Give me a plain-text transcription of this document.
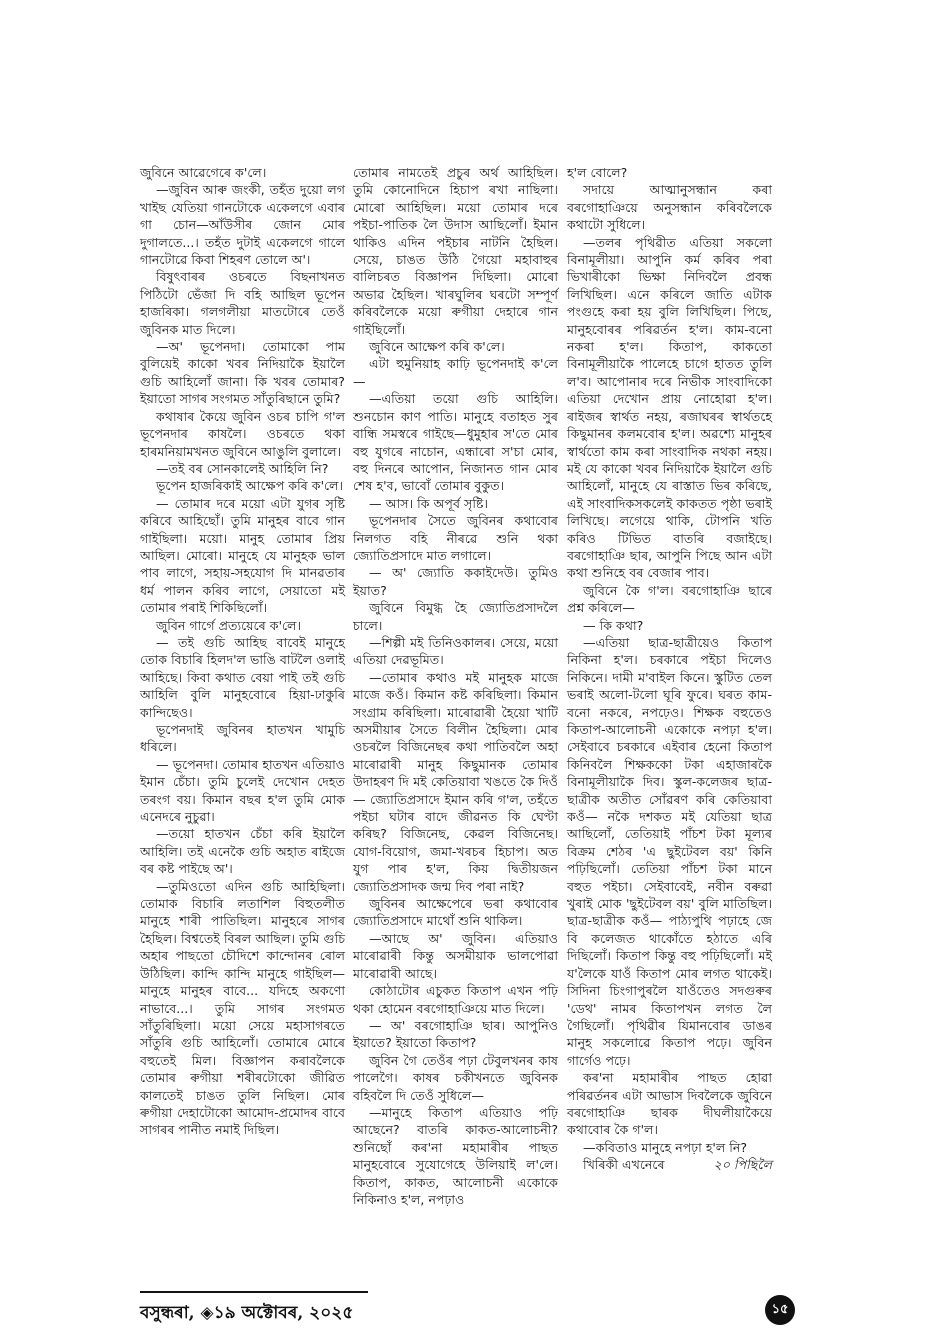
জুবিনে আৱেগেৰে ক'লে।

—জুবিন আৰু জংকী, তহঁত দুয়ো লগ খাইছ যেতিয়া গানটোকে একেলগে এবাৰ গা চোন—আঁউসীৰ জোন মোৰ দুগালতে...। তহঁত দুটাই একেলগে গালে গানটোৱে কিবা শিহৰণ তোলে অ'।

বিষুৎবাৰৰ ওচৰতে বিছনাখনত পিঠিটো ভেঁজা দি বহি আছিল ভূপেন হাজৰিকা। গলগলীয়া মাতটোৰে তেওঁ জুবিনক মাত দিলে।

—অ' ভূপেনদা। তোমাকো পাম বুলিয়েই কাকো খবৰ নিদিয়াকৈ ইয়ালৈ গুচি আহিলোঁ জানা। কি খবৰ তোমাৰ? ইয়াতো সাগৰ সংগমত সাঁতুৰিছানে তুমি?

কথাষাৰ কৈয়ে জুবিন ওচৰ চাপি গ'ল ভূপেনদাৰ কাষলৈ। ওচৰতে থকা হাৰমনিয়ামখনত জুবিনে আঙুলি বুলালে।

—তই বৰ সোনকালেই আহিলি নি?

ভূপেন হাজৰিকাই আক্ষেপ কৰি ক'লে।

— তোমাৰ দৰে ময়ো এটা যুগৰ সৃষ্টি কৰিবে আহিছোঁ। তুমি মানুহৰ বাবে গান গাইছিলা। ময়ো। মানুহ তোমাৰ প্ৰিয় আছিল। মোৰো। মানুহে যে মানুহক ভাল পাব লাগে, সহায়-সহযোগ দি মানৱতাৰ ধৰ্ম পালন কৰিব লাগে, সেয়াতো মই তোমাৰ পৰাই শিকিছিলোঁ।

জুবিন গাৰ্গে প্ৰত্যয়েৰে ক'লে।

— তই গুচি আহিছ বাবেই মানুহে তোক বিচাৰি হিলদ'ল ভাঙি বাটলৈ ওলাই আহিছে। কিবা কথাত বেয়া পাই তই গুচি আহিলি বুলি মানুহবোৰে হিয়া-ঢাকুৰি কান্দিছেও।

ভূপেনদাই জুবিনৰ হাতখন খামুচি ধৰিলে।

— ভূপেনদা। তোমাৰ হাতখন এতিয়াও ইমান চেঁচা। তুমি চুলেই দেখোন দেহত তৰংগ বয়। কিমান বছৰ হ'ল তুমি মোক এনেদৰে নুচুৱা।

—তয়ো হাতখন চেঁচা কৰি ইয়ালৈ আহিলি। তই এনেকৈ গুচি অহাত ৰাইজে বৰ কষ্ট পাইছে অ'।

—তুমিওতো এদিন গুচি আহিছিলা। তোমাক বিচাৰি লতাশিল বিহুতলীত মানুহে শাৰী পাতিছিল। মানুহৰে সাগৰ হৈছিল। বিশ্বতেই বিৰল আছিল। তুমি গুচি অহাৰ পাছতো চৌদিশে কান্দোনৰ ৰোল উঠিছিল। কান্দি কান্দি মানুহে গাইছিল— মানুহে মানুহৰ বাবে... যদিহে অকণো নাভাবে...। তুমি সাগৰ সংগমত সাঁতুৰিছিলা। ময়ো সেয়ে মহাসাগৰতে সাঁতুৰি গুচি আহিলোঁ। তোমাৰে মোৰে বহুতেই মিল। বিজ্ঞাপন কৰাবলৈকে তোমাৰ ৰুগীয়া শৰীৰটোকো জীৱিত কালতেই চাঙত তুলি নিছিল। মোৰ ৰুগীয়া দেহাটোকো আমোদ-প্ৰমোদৰ বাবে সাগৰৰ পানীত নমাই দিছিল।

তোমাৰ নামতেই প্ৰচুৰ অৰ্থ আহিছিল। তুমি কোনোদিনে হিচাপ ৰখা নাছিলা। মোৰো আহিছিল। ময়ো তোমাৰ দৰে পইচা-পাতিক লৈ উদাস আছিলোঁ। ইমান থাকিও এদিন পইচাৰ নাটনি হৈছিল। সেয়ে, চাঙত উঠি গৈয়ো মহাবাহুৰ বালিচৰত বিজ্ঞাপন দিছিলা। মোৰো অভাৱ হৈছিল। খাৰঘুলিৰ ঘৰটো সম্পূৰ্ণ কৰিবলৈকে ময়ো ৰুগীয়া দেহাৰে গান গাইছিলোঁ।

জুবিনে আক্ষেপ কৰি ক'লে।

এটা হুমুনিয়াহ কাঢ়ি ভূপেনদাই ক'লে—

—এতিয়া তয়ো গুচি আহিলি। শুনচোন কাণ পাতি। মানুহে বতাহত সুৰ বান্ধি সমস্বৰে গাইছে—ধুমুহাৰ স'তে মোৰ বহু যুগৰে নাচোন, এন্ধাৰো স'চা মোৰ, বহু দিনৰে আপোন, নিজানত গান মোৰ শেষ হ'ব, ভাবোঁ তোমাৰ বুকুত।

— আস। কি অপূৰ্ব সৃষ্টি।

ভূপেনদাৰ সৈতে জুবিনৰ কথাবোৰ নিলগত বহি নীৰৱে শুনি থকা জ্যোতিপ্ৰসাদে মাত লগালে।

— অ' জ্যোতি ককাইদেউ। তুমিও ইয়াত?

জুবিনে বিমুগ্ধ হৈ জ্যোতিপ্ৰসাদলৈ চালে।

—শিল্পী মই তিনিওকালৰ। সেয়ে, ময়ো এতিয়া দেৱভূমিত।

—তোমাৰ কথাও মই মানুহক মাজে মাজে কওঁ। কিমান কষ্ট কৰিছিলা। কিমান সংগ্ৰাম কৰিছিলা। মাৰোৱাৰী হৈয়ো খাটি অসমীয়াৰ সৈতে বিলীন হৈছিলা। মোৰ ওচৰলৈ বিজিনেছৰ কথা পাতিবলৈ অহা মাৰোৱাৰী মানুহ কিছুমানক তোমাৰ উদাহৰণ দি মই কেতিয়াবা খঙতে কৈ দিওঁ— জ্যোতিপ্ৰসাদে ইমান কৰি গ'ল, তহঁতে পইচা ঘটাৰ বাদে জীৱনত কি ঘেণ্টা কৰিছ? বিজিনেছ, কেৱল বিজিনেছ। যোগ-বিয়োগ, জমা-খৰচৰ হিচাপ। অত যুগ পাৰ হ'ল, কিয় দ্বিতীয়জন জ্যোতিপ্ৰসাদক জন্ম দিব পৰা নাই?

জুবিনৰ আক্ষেপেৰে ভৰা কথাবোৰ জ্যোতিপ্ৰসাদে মাথোঁ শুনি থাকিল।

—আছে অ' জুবিন। এতিয়াও মাৰোৱাৰী কিন্তু অসমীয়াক ভালপোৱা মাৰোৱাৰী আছে।

কোঠাটোৰ এচুকত কিতাপ এখন পঢ়ি থকা হোমেন বৰগোহাঞিয়ে মাত দিলে।

— অ' বৰগোহাঞি ছাৰ। আপুনিও ইয়াতে? ইয়াতো কিতাপ?

জুবিন গৈ তেওঁৰ পঢ়া টেবুলখনৰ কাষ পালেগৈ। কাষৰ চকীখনতে জুবিনক বহিবলৈ দি তেওঁ সুধিলে—

—মানুহে কিতাপ এতিয়াও পঢ়ি আছেনে? বাতৰি কাকত-আলোচনী? শুনিছোঁ কৰ'না মহামাৰীৰ পাছত মানুহবোৰে সুযোগেহে উলিয়াই ল'লে। কিতাপ, কাকত, আলোচনী একোকে নিকিনাও হ'ল, নপঢ়াও

হ'ল বোলে?

সদায়ে আত্মানুসন্ধান কৰা বৰগোহাঞিয়ে অনুসন্ধান কৰিবলৈকে কথাটো সুধিলে।

—তলৰ পৃথিৱীত এতিয়া সকলো বিনামূলীয়া। আপুনি কৰ্ম কৰিব পৰা ভিখাৰীকো ভিক্ষা নিদিবলৈ প্ৰবন্ধ লিখিছিল। এনে কৰিলে জাতি এটাক পংগুহে কৰা হয় বুলি লিখিছিল। পিছে, মানুহবোৰৰ পৰিৱৰ্তন হ'ল। কাম-বনো নকৰা হ'ল। কিতাপ, কাকতো বিনামূলীয়াকৈ পালেহে চাগে হাতত তুলি ল'ব। আপোনাৰ দৰে নিভীক সাংবাদিকো এতিয়া দেখোন প্ৰায় নোহোৱা হ'ল। ৰাইজৰ স্বাৰ্থত নহয়, ৰজাঘৰৰ স্বাৰ্থতহে কিছুমানৰ কলমবোৰ হ'ল। অৱশ্যে মানুহৰ স্বাৰ্থতো কাম কৰা সাংবাদিক নথকা নহয়। মই যে কাকো খবৰ নিদিয়াকৈ ইয়ালৈ গুচি আহিলোঁ, মানুহে যে ৰাস্তাত ভিৰ কৰিছে, এই সাংবাদিকসকলেই কাকতত পৃষ্ঠা ভৰাই লিখিছে। লগেয়ে থাকি, টোপনি খতি কৰিও টিভিত বাতৰি বজাইছে। বৰগোহাঞি ছাৰ, আপুনি পিছে আন এটা কথা শুনিহে বৰ বেজাৰ পাব।

জুবিনে কৈ গ'ল। বৰগোহাঞি ছাৰে প্ৰশ্ন কৰিলে—

— কি কথা?

—এতিয়া ছাত্ৰ-ছাত্ৰীয়েও কিতাপ নিকিনা হ'ল। চৰকাৰে পইচা দিলেও নিকিনে। দামী ম'বাইল কিনে। স্কুটিত তেল ভৰাই অলো-টলো ঘূৰি ফুৰে। ঘৰত কাম-বনো নকৰে, নপঢ়েও। শিক্ষক বহুতেও কিতাপ-আলোচনী একোকে নপঢ়া হ'ল। সেইবাবে চৰকাৰে এইবাৰ হেনো কিতাপ কিনিবলৈ শিক্ষককো টকা এহাজাৰকৈ বিনামূলীয়াকৈ দিব। স্কুল-কলেজৰ ছাত্ৰ-ছাত্ৰীক অতীত সোঁৱৰণ কৰি কেতিয়াবা কওঁ— নকৈ দশকত মই যেতিয়া ছাত্ৰ আছিলোঁ, তেতিয়াই পাঁচশ টকা মূল্যৰ বিক্ৰম শেঠৰ 'এ ছুইটেবল বয়' কিনি পঢ়িছিলোঁ। তেতিয়া পাঁচশ টকা মানে বহুত পইচা। সেইবাবেই, নবীন বৰুৱা খুৰাই মোক 'ছুইটেবল বয়' বুলি মাতিছিল। ছাত্ৰ-ছাত্ৰীক কওঁ— পাঠ্যপুথি পঢ়াহে জে বি কলেজত থাকোঁতে হঠাতে এৰি দিছিলোঁ। কিতাপ কিন্তু বহু পঢ়িছিলোঁ। মই য'লৈকে যাওঁ কিতাপ মোৰ লগত থাকেই। সিদিনা চিংগাপুৰলৈ যাওঁতেও সদগুৰুৰ 'ডেথ' নামৰ কিতাপখন লগত লৈ গৈছিলোঁ। পৃথিৱীৰ যিমানবোৰ ডাঙৰ মানুহ সকলোৱে কিতাপ পঢ়ে। জুবিন গাৰ্গেও পঢ়ে।

কৰ'না মহামাৰীৰ পাছত হোৱা পৰিৱৰ্তনৰ এটা আভাস দিবলৈকে জুবিনে বৰগোহাঞি ছাৰক দীঘলীয়াকৈয়ে কথাবোৰ কৈ গ'ল।

—কবিতাও মানুহে নপঢ়া হ'ল নি?

খিৰিকী এখনেৰে	২০ পিছিলৈ

বসুন্ধৰা, ◈১৯ অক্টোবৰ, ২০২৫	১৫
